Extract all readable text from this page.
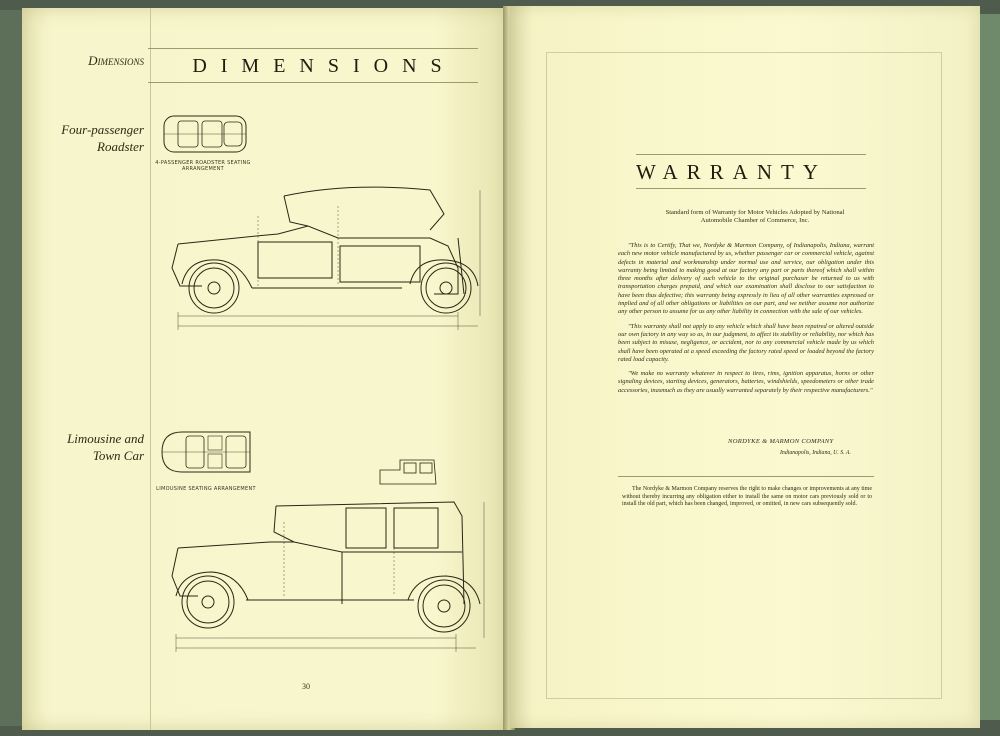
Dimensions
Four-passenger Roadster
Limousine and Town Car
DIMENSIONS
4-PASSENGER ROADSTER SEATING ARRANGEMENT
LIMOUSINE SEATING ARRANGEMENT
30
WARRANTY
Standard form of Warranty for Motor Vehicles Adopted by National Automobile Chamber of Commerce, Inc.

"This is to Certify, That we, Nordyke & Marmon Company, of Indianapolis, Indiana, warrant each new motor vehicle manufactured by us, whether passenger car or commercial vehicle, against defects in material and workmanship under normal use and service, our obligation under this warranty being limited to making good at our factory any part or parts thereof which shall within three months after delivery of such vehicle to the original purchaser be returned to us with transportation charges prepaid, and which our examination shall disclose to our satisfaction to have been thus defective; this warranty being expressly in lieu of all other warranties expressed or implied and of all other obligations or liabilities on our part, and we neither assume nor authorize any other person to assume for us any other liability in connection with the sale of our vehicles.

"This warranty shall not apply to any vehicle which shall have been repaired or altered outside our own factory in any way so as, in our judgment, to affect its stability or reliability, nor which has been subject to misuse, negligence, or accident, nor to any commercial vehicle made by us which shall have been operated at a speed exceeding the factory rated speed or loaded beyond the factory rated load capacity.

"We make no warranty whatever in respect to tires, rims, ignition apparatus, horns or other signaling devices, starting devices, generators, batteries, windshields, speedometers or other trade accessories, inasmuch as they are usually warranted separately by their respective manufacturers."

NORDYKE & MARMON COMPANY
Indianapolis, Indiana, U. S. A.
The Nordyke & Marmon Company reserves the right to make changes or improvements at any time without thereby incurring any obligation either to install the same on motor cars previously sold or to install the old part, which has been changed, improved, or omitted, in new cars subsequently sold.
